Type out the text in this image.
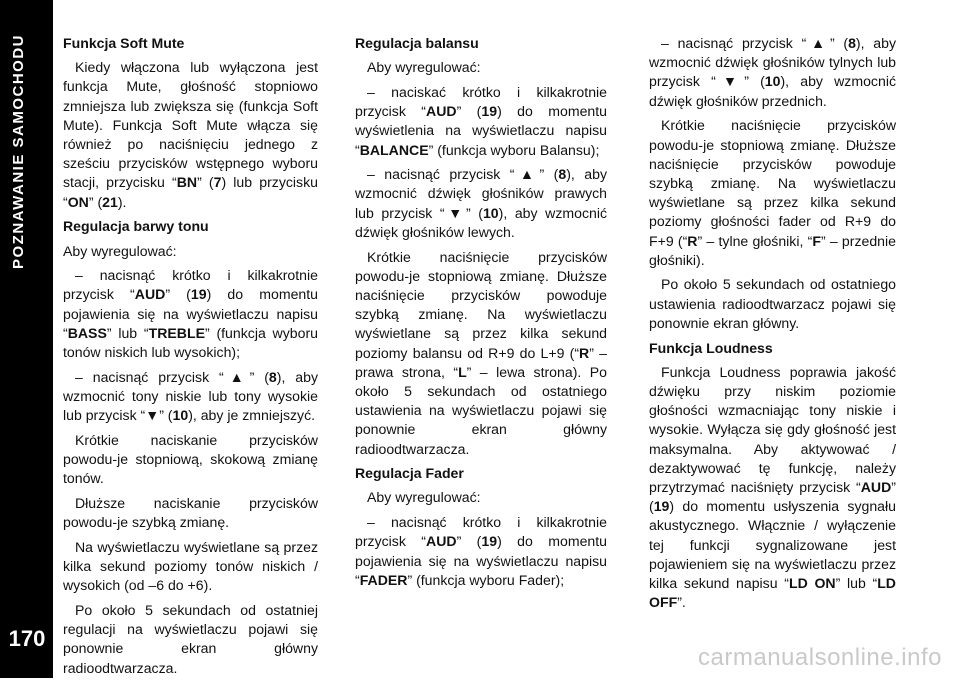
POZNAWANIE SAMOCHODU
170
Funkcja Soft Mute
Kiedy włączona lub wyłączona jest funkcja Mute, głośność stopniowo zmniejsza lub zwiększa się (funkcja Soft Mute). Funkcja Soft Mute włącza się również po naciśnięciu jednego z sześciu przycisków wstępnego wyboru stacji, przycisku “BN” (7) lub przycisku “ON” (21).
Regulacja barwy tonu
Aby wyregulować:
– nacisnąć krótko i kilkakrotnie przycisk “AUD” (19) do momentu pojawienia się na wyświetlaczu napisu “BASS” lub “TREBLE” (funkcja wyboru tonów niskich lub wysokich);
– nacisnąć przycisk “▲” (8), aby wzmocnić tony niskie lub tony wysokie lub przycisk “▼” (10), aby je zmniejszyć.
Krótkie naciskanie przycisków powodu-je stopniową, skokową zmianę tonów.
Dłuższe naciskanie przycisków powodu-je szybką zmianę.
Na wyświetlaczu wyświetlane są przez kilka sekund poziomy tonów niskich / wysokich (od –6 do +6).
Po około 5 sekundach od ostatniej regulacji na wyświetlaczu pojawi się ponownie ekran główny radioodtwarzacza.
Regulacja balansu
Aby wyregulować:
– naciskać krótko i kilkakrotnie przycisk “AUD” (19) do momentu wyświetlenia na wyświetlaczu napisu “BALANCE” (funkcja wyboru Balansu);
– nacisnąć przycisk “▲” (8), aby wzmocnić dźwięk głośników prawych lub przycisk “▼” (10), aby wzmocnić dźwięk głośników lewych.
Krótkie naciśnięcie przycisków powodu-je stopniową zmianę. Dłuższe naciśnięcie przycisków powoduje szybką zmianę. Na wyświetlaczu wyświetlane są przez kilka sekund poziomy balansu od R+9 do L+9 (“R” – prawa strona, “L” – lewa strona). Po około 5 sekundach od ostatniego ustawienia na wyświetlaczu pojawi się ponownie ekran główny radioodtwarzacza.
Regulacja Fader
Aby wyregulować:
– nacisnąć krótko i kilkakrotnie przycisk “AUD” (19) do momentu pojawienia się na wyświetlaczu napisu “FADER” (funkcja wyboru Fader);
– nacisnąć przycisk “▲” (8), aby wzmocnić dźwięk głośników tylnych lub przycisk “▼” (10), aby wzmocnić dźwięk głośników przednich.
Krótkie naciśnięcie przycisków powodu-je stopniową zmianę. Dłuższe naciśnięcie przycisków powoduje szybką zmianę. Na wyświetlaczu wyświetlane są przez kilka sekund poziomy głośności fader od R+9 do F+9 (“R” – tylne głośniki, “F” – przednie głośniki).
Po około 5 sekundach od ostatniego ustawienia radioodtwarzacz pojawi się ponownie ekran główny.
Funkcja Loudness
Funkcja Loudness poprawia jakość dźwięku przy niskim poziomie głośności wzmacniając tony niskie i wysokie. Wyłącza się gdy głośność jest maksymalna. Aby aktywować / dezaktywować tę funkcję, należy przytrzymać naciśnięty przycisk “AUD” (19) do momentu usłyszenia sygnału akustycznego. Włącznie / wyłączenie tej funkcji sygnalizowane jest pojawieniem się na wyświetlaczu przez kilka sekund napisu “LD ON” lub “LD OFF”.
carmanualsonline.info
